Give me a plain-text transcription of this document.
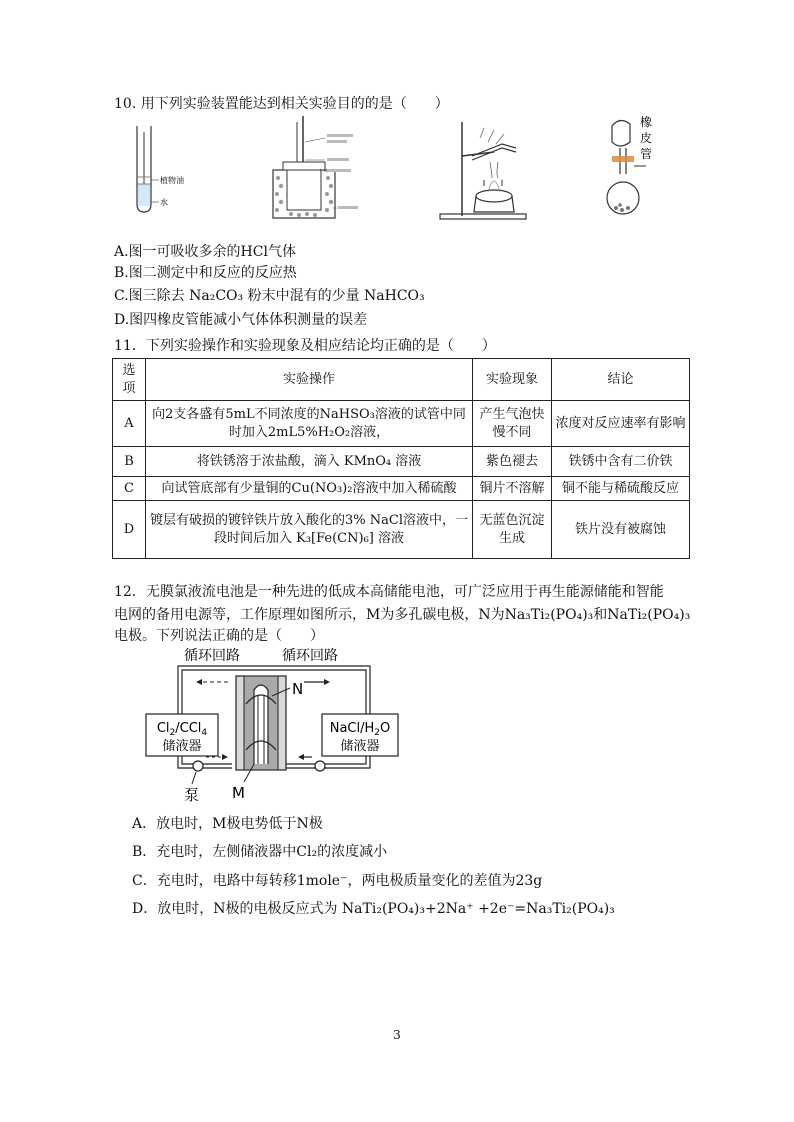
10. 用下列实验装置能达到相关实验目的的是（　　）
植物油
水
橡
皮
管
A.图一可吸收多余的HCl气体
B.图二测定中和反应的反应热
C.图三除去 Na₂CO₃ 粉末中混有的少量 NaHCO₃
D.图四橡皮管能减小气体体积测量的误差
11．下列实验操作和实验现象及相应结论均正确的是（　　）
选
项	实验操作	实验现象	结论
A	向2支各盛有5mL不同浓度的NaHSO₃溶液的试管中同时加入2mL5%H₂O₂溶液，	产生气泡快慢不同	浓度对反应速率有影响
B	将铁锈溶于浓盐酸，滴入 KMnO₄ 溶液	紫色褪去	铁锈中含有二价铁
C	向试管底部有少量铜的Cu(NO₃)₂溶液中加入稀硫酸	铜片不溶解	铜不能与稀硫酸反应
D	镀层有破损的镀锌铁片放入酸化的3% NaCl溶液中，一段时间后加入 K₃[Fe(CN)₆] 溶液	无蓝色沉淀生成	铁片没有被腐蚀
12．无膜氯液流电池是一种先进的低成本高储能电池，可广泛应用于再生能源储能和智能
电网的备用电源等，工作原理如图所示，M为多孔碳电极，N为Na₃Ti₂(PO₄)₃和NaTi₂(PO₄)₃
电极。下列说法正确的是（　　）
循环回路	循环回路
N
$Cl_2/CCl_4$
储液器
NaCl/$H_2O$
储液器
泵 M
A．放电时，M极电势低于N极
B．充电时，左侧储液器中Cl₂的浓度减小
C．充电时，电路中每转移1mole⁻，两电极质量变化的差值为23g
D．放电时，N极的电极反应式为 NaTi₂(PO₄)₃+2Na⁺ +2e⁻=Na₃Ti₂(PO₄)₃
3
